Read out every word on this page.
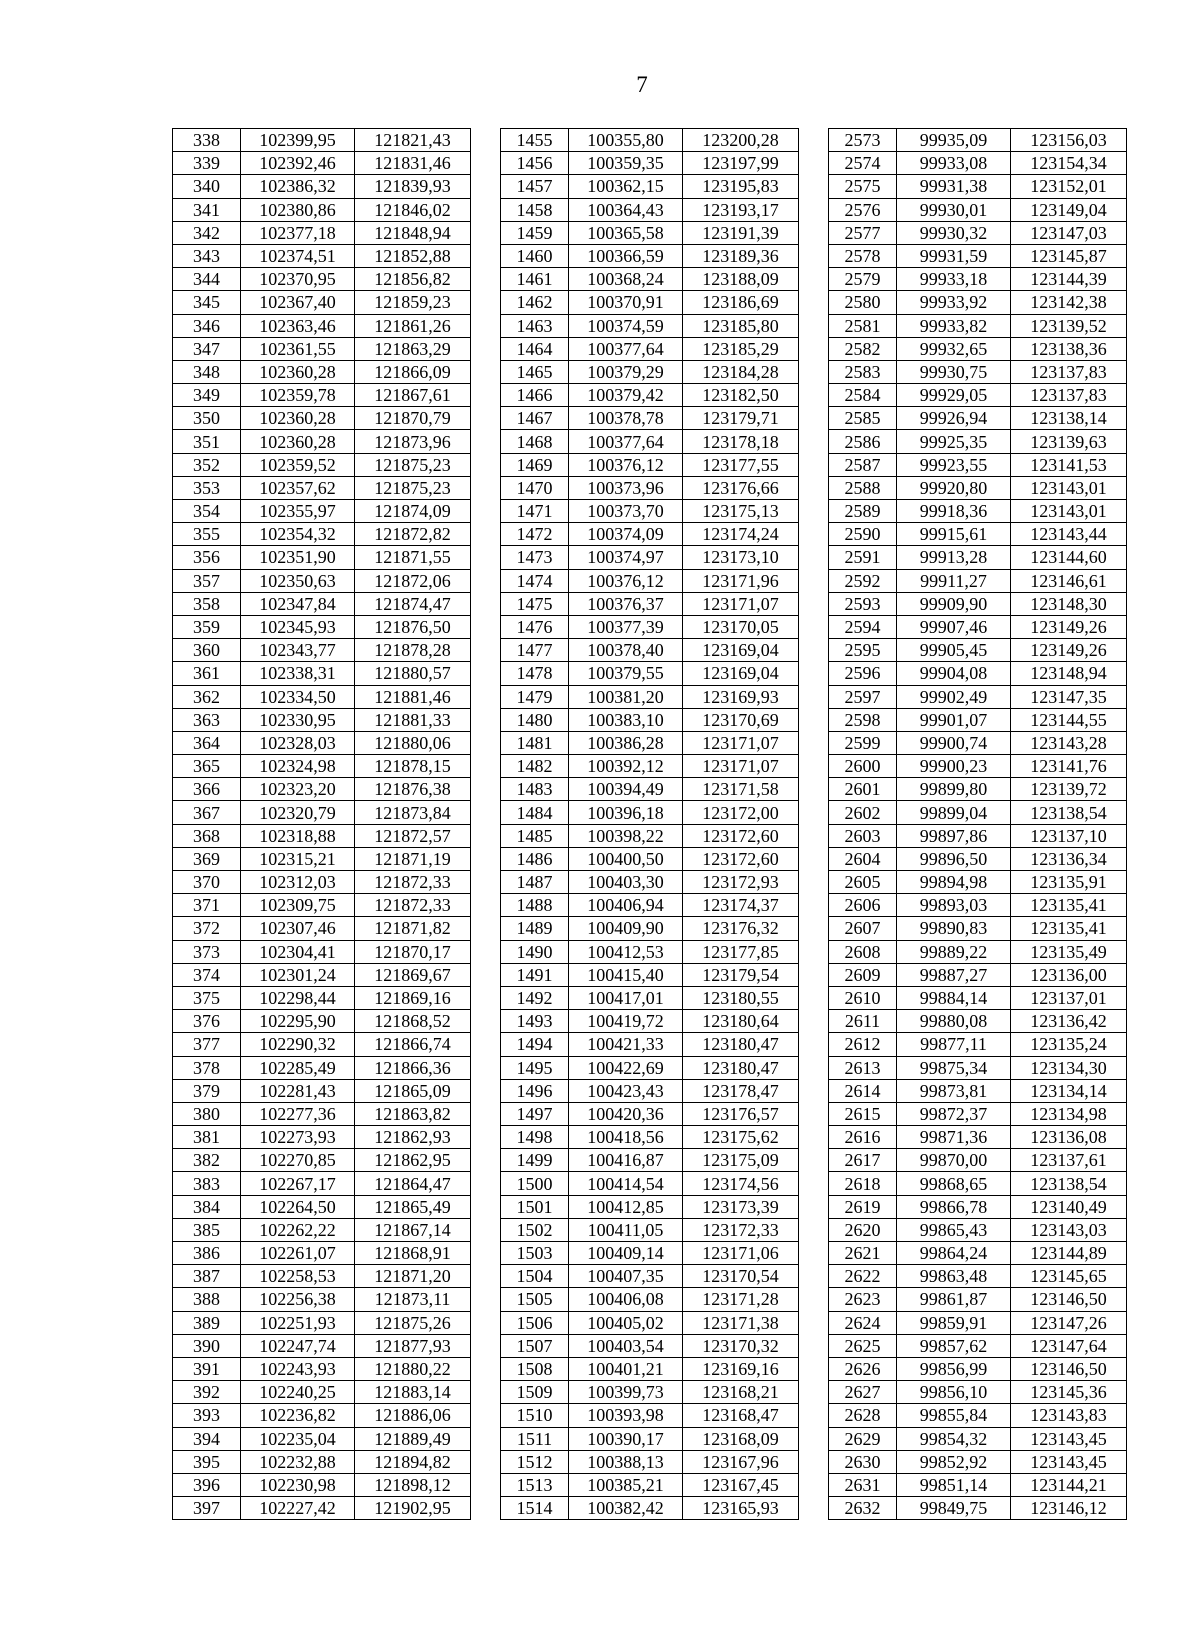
7
338	102399,95	121821,43		1455	100355,80	123200,28		2573	99935,09	123156,03
339	102392,46	121831,46		1456	100359,35	123197,99		2574	99933,08	123154,34
340	102386,32	121839,93		1457	100362,15	123195,83		2575	99931,38	123152,01
341	102380,86	121846,02		1458	100364,43	123193,17		2576	99930,01	123149,04
342	102377,18	121848,94		1459	100365,58	123191,39		2577	99930,32	123147,03
343	102374,51	121852,88		1460	100366,59	123189,36		2578	99931,59	123145,87
344	102370,95	121856,82		1461	100368,24	123188,09		2579	99933,18	123144,39
345	102367,40	121859,23		1462	100370,91	123186,69		2580	99933,92	123142,38
346	102363,46	121861,26		1463	100374,59	123185,80		2581	99933,82	123139,52
347	102361,55	121863,29		1464	100377,64	123185,29		2582	99932,65	123138,36
348	102360,28	121866,09		1465	100379,29	123184,28		2583	99930,75	123137,83
349	102359,78	121867,61		1466	100379,42	123182,50		2584	99929,05	123137,83
350	102360,28	121870,79		1467	100378,78	123179,71		2585	99926,94	123138,14
351	102360,28	121873,96		1468	100377,64	123178,18		2586	99925,35	123139,63
352	102359,52	121875,23		1469	100376,12	123177,55		2587	99923,55	123141,53
353	102357,62	121875,23		1470	100373,96	123176,66		2588	99920,80	123143,01
354	102355,97	121874,09		1471	100373,70	123175,13		2589	99918,36	123143,01
355	102354,32	121872,82		1472	100374,09	123174,24		2590	99915,61	123143,44
356	102351,90	121871,55		1473	100374,97	123173,10		2591	99913,28	123144,60
357	102350,63	121872,06		1474	100376,12	123171,96		2592	99911,27	123146,61
358	102347,84	121874,47		1475	100376,37	123171,07		2593	99909,90	123148,30
359	102345,93	121876,50		1476	100377,39	123170,05		2594	99907,46	123149,26
360	102343,77	121878,28		1477	100378,40	123169,04		2595	99905,45	123149,26
361	102338,31	121880,57		1478	100379,55	123169,04		2596	99904,08	123148,94
362	102334,50	121881,46		1479	100381,20	123169,93		2597	99902,49	123147,35
363	102330,95	121881,33		1480	100383,10	123170,69		2598	99901,07	123144,55
364	102328,03	121880,06		1481	100386,28	123171,07		2599	99900,74	123143,28
365	102324,98	121878,15		1482	100392,12	123171,07		2600	99900,23	123141,76
366	102323,20	121876,38		1483	100394,49	123171,58		2601	99899,80	123139,72
367	102320,79	121873,84		1484	100396,18	123172,00		2602	99899,04	123138,54
368	102318,88	121872,57		1485	100398,22	123172,60		2603	99897,86	123137,10
369	102315,21	121871,19		1486	100400,50	123172,60		2604	99896,50	123136,34
370	102312,03	121872,33		1487	100403,30	123172,93		2605	99894,98	123135,91
371	102309,75	121872,33		1488	100406,94	123174,37		2606	99893,03	123135,41
372	102307,46	121871,82		1489	100409,90	123176,32		2607	99890,83	123135,41
373	102304,41	121870,17		1490	100412,53	123177,85		2608	99889,22	123135,49
374	102301,24	121869,67		1491	100415,40	123179,54		2609	99887,27	123136,00
375	102298,44	121869,16		1492	100417,01	123180,55		2610	99884,14	123137,01
376	102295,90	121868,52		1493	100419,72	123180,64		2611	99880,08	123136,42
377	102290,32	121866,74		1494	100421,33	123180,47		2612	99877,11	123135,24
378	102285,49	121866,36		1495	100422,69	123180,47		2613	99875,34	123134,30
379	102281,43	121865,09		1496	100423,43	123178,47		2614	99873,81	123134,14
380	102277,36	121863,82		1497	100420,36	123176,57		2615	99872,37	123134,98
381	102273,93	121862,93		1498	100418,56	123175,62		2616	99871,36	123136,08
382	102270,85	121862,95		1499	100416,87	123175,09		2617	99870,00	123137,61
383	102267,17	121864,47		1500	100414,54	123174,56		2618	99868,65	123138,54
384	102264,50	121865,49		1501	100412,85	123173,39		2619	99866,78	123140,49
385	102262,22	121867,14		1502	100411,05	123172,33		2620	99865,43	123143,03
386	102261,07	121868,91		1503	100409,14	123171,06		2621	99864,24	123144,89
387	102258,53	121871,20		1504	100407,35	123170,54		2622	99863,48	123145,65
388	102256,38	121873,11		1505	100406,08	123171,28		2623	99861,87	123146,50
389	102251,93	121875,26		1506	100405,02	123171,38		2624	99859,91	123147,26
390	102247,74	121877,93		1507	100403,54	123170,32		2625	99857,62	123147,64
391	102243,93	121880,22		1508	100401,21	123169,16		2626	99856,99	123146,50
392	102240,25	121883,14		1509	100399,73	123168,21		2627	99856,10	123145,36
393	102236,82	121886,06		1510	100393,98	123168,47		2628	99855,84	123143,83
394	102235,04	121889,49		1511	100390,17	123168,09		2629	99854,32	123143,45
395	102232,88	121894,82		1512	100388,13	123167,96		2630	99852,92	123143,45
396	102230,98	121898,12		1513	100385,21	123167,45		2631	99851,14	123144,21
397	102227,42	121902,95		1514	100382,42	123165,93		2632	99849,75	123146,12
